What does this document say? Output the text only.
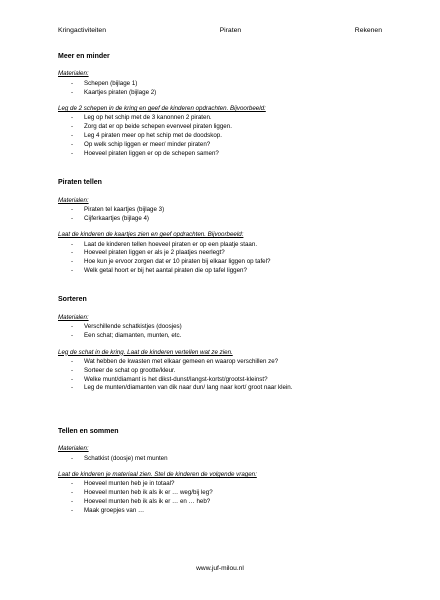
Kringactiviteiten	Piraten	Rekenen
Meer en minder
Materialen:
- Schepen (bijlage 1)
- Kaartjes piraten (bijlage 2)
Leg de 2 schepen in de kring en geef de kinderen opdrachten. Bijvoorbeeld:
- Leg op het schip met de 3 kanonnen 2 piraten.
- Zorg dat er op beide schepen evenveel piraten liggen.
- Leg 4 piraten meer op het schip met de doodskop.
- Op welk schip liggen er meer/ minder piraten?
- Hoeveel piraten liggen er op de schepen samen?
Piraten tellen
Materialen:
- Piraten tel kaartjes (bijlage 3)
- Cijferkaartjes (bijlage 4)
Laat de kinderen de kaartjes zien en geef opdrachten. Bijvoorbeeld:
- Laat de kinderen tellen hoeveel piraten er op een plaatje staan.
- Hoeveel piraten liggen er als je 2 plaatjes neerlegt?
- Hoe kun je ervoor zorgen dat er 10 piraten bij elkaar liggen op tafel?
- Welk getal hoort er bij het aantal piraten die op tafel liggen?
Sorteren
Materialen:
- Verschillende schatkistjes (doosjes)
- Een schat; diamanten, munten, etc.
Leg de schat in de kring. Laat de kinderen vertellen wat ze zien.
- Wat hebben de kwasten met elkaar gemeen en waarop verschillen ze?
- Sorteer de schat op grootte/kleur.
- Welke munt/diamant is het dikst-dunst/langst-kortst/grootst-kleinst?
- Leg de munten/diamanten van dik naar dun/ lang naar kort/ groot naar klein.
Tellen en sommen
Materialen:
- Schatkist (doosje) met munten
Laat de kinderen je materiaal zien. Stel de kinderen de volgende vragen:
- Hoeveel munten heb je in totaal?
- Hoeveel munten heb ik als ik er … weg/bij leg?
- Hoeveel munten heb ik als ik er … en … heb?
- Maak groepjes van …
www.juf-milou.nl
